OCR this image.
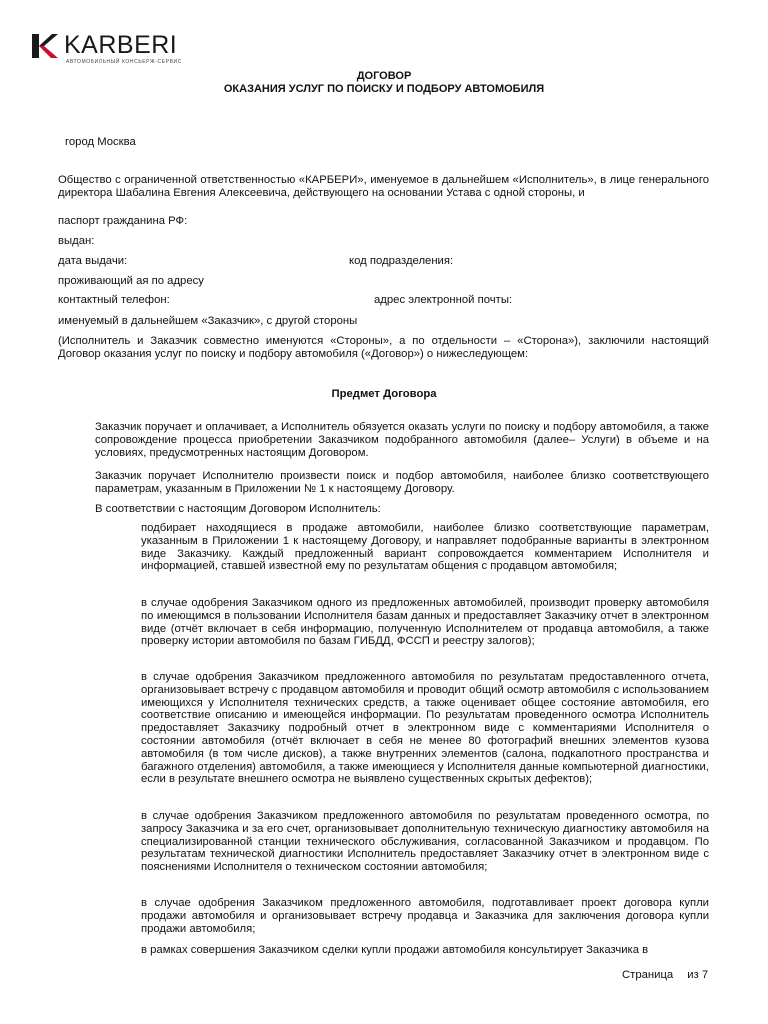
KARBERI
АВТОМОБИЛЬНЫЙ КОНСЬЕРЖ-СЕРВИС
ДОГОВОР
ОКАЗАНИЯ УСЛУГ ПО ПОИСКУ И ПОДБОРУ АВТОМОБИЛЯ
город Москва
Общество с ограниченной ответственностью «КАРБЕРИ», именуемое в дальнейшем «Исполнитель», в лице генерального директора Шабалина Евгения Алексеевича, действующего на основании Устава с одной стороны, и
паспорт гражданина РФ:
выдан:
дата выдачи:	код подразделения:
проживающий ая по адресу
контактный телефон:	адрес электронной почты:
именуемый в дальнейшем «Заказчик», с другой стороны
(Исполнитель и Заказчик совместно именуются «Стороны», а по отдельности – «Сторона»), заключили настоящий Договор оказания услуг по поиску и подбору автомобиля («Договор») о нижеследующем:
Предмет Договора
Заказчик поручает и оплачивает, а Исполнитель обязуется оказать услуги по поиску и подбору автомобиля, а также сопровождение процесса приобретении Заказчиком подобранного автомобиля (далее– Услуги) в объеме и на условиях, предусмотренных настоящим Договором.
Заказчик поручает Исполнителю произвести поиск и подбор автомобиля, наиболее близко соответствующего параметрам, указанным в Приложении № 1 к настоящему Договору.
В соответствии с настоящим Договором Исполнитель:
подбирает находящиеся в продаже автомобили, наиболее близко соответствующие параметрам, указанным в Приложении 1 к настоящему Договору, и направляет подобранные варианты в электронном виде Заказчику. Каждый предложенный вариант сопровождается комментарием Исполнителя и информацией, ставшей известной ему по результатам общения с продавцом автомобиля;
в случае одобрения Заказчиком одного из предложенных автомобилей, производит проверку автомобиля по имеющимся в пользовании Исполнителя базам данных и предоставляет Заказчику отчет в электронном виде (отчёт включает в себя информацию, полученную Исполнителем от продавца автомобиля, а также проверку истории автомобиля по базам ГИБДД, ФССП и реестру залогов);
в случае одобрения Заказчиком предложенного автомобиля по результатам предоставленного отчета, организовывает встречу с продавцом автомобиля и проводит общий осмотр автомобиля с использованием имеющихся у Исполнителя технических средств, а также оценивает общее состояние автомобиля, его соответствие описанию и имеющейся информации. По результатам проведенного осмотра Исполнитель предоставляет Заказчику подробный отчет в электронном виде с комментариями Исполнителя о состоянии автомобиля (отчёт включает в себя не менее 80 фотографий внешних элементов кузова автомобиля (в том числе дисков), а также внутренних элементов (салона, подкапотного пространства и багажного отделения) автомобиля, а также имеющиеся у Исполнителя данные компьютерной диагностики, если в результате внешнего осмотра не выявлено существенных скрытых дефектов);
в случае одобрения Заказчиком предложенного автомобиля по результатам проведенного осмотра, по запросу Заказчика и за его счет, организовывает дополнительную техническую диагностику автомобиля на специализированной станции технического обслуживания, согласованной Заказчиком и продавцом. По результатам технической диагностики Исполнитель предоставляет Заказчику отчет в электронном виде с пояснениями Исполнителя о техническом состоянии автомобиля;
в случае одобрения Заказчиком предложенного автомобиля, подготавливает проект договора купли продажи автомобиля и организовывает встречу продавца и Заказчика для заключения договора купли продажи автомобиля;
в рамках совершения Заказчиком сделки купли продажи автомобиля консультирует Заказчика в
Страница из 7
